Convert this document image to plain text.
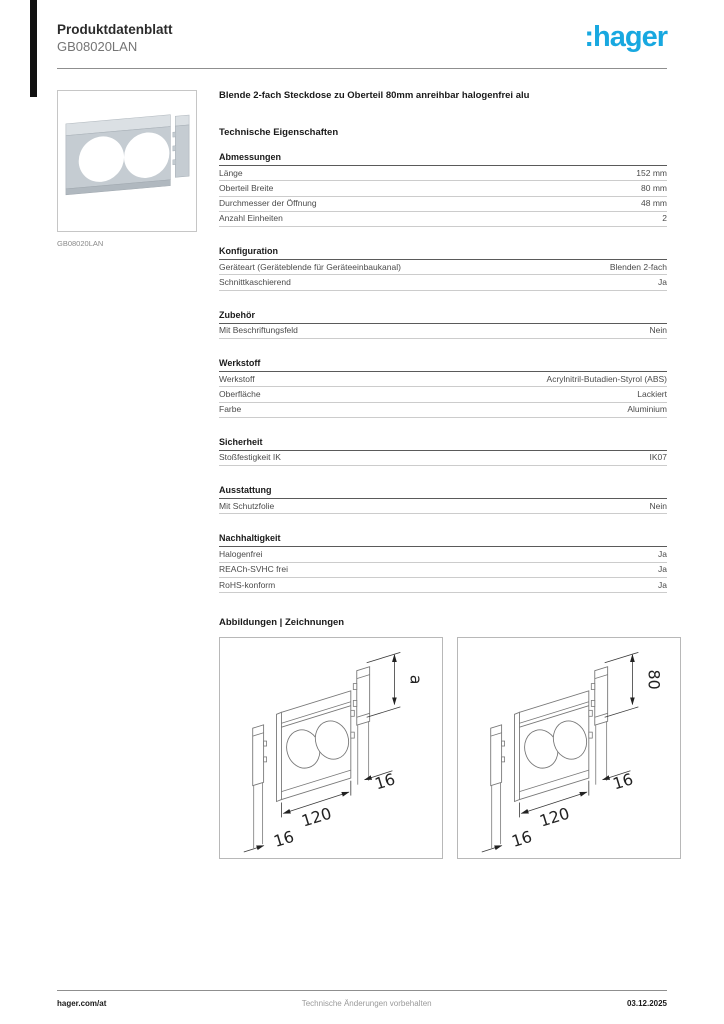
Produktdatenblatt
GB08020LAN	:hager
GB08020LAN

Blende 2-fach Steckdose zu Oberteil 80mm anreihbar halogenfrei alu

Technische Eigenschaften
Abmessungen
Länge	152 mm
Oberteil Breite	80 mm
Durchmesser der Öffnung	48 mm
Anzahl Einheiten	2
Konfiguration
Geräteart (Geräteblende für Geräteeinbaukanal)	Blenden 2-fach
Schnittkaschierend	Ja
Zubehör
Mit Beschriftungsfeld	Nein
Werkstoff
Werkstoff	Acrylnitril-Butadien-Styrol (ABS)
Oberfläche	Lackiert
Farbe	Aluminium
Sicherheit
Stoßfestigkeit IK	IK07
Ausstattung
Mit Schutzfolie	Nein
Nachhaltigkeit
Halogenfrei	Ja
REACh-SVHC frei	Ja
RoHS-konform	Ja
Abbildungen | Zeichnungen
120
16
16
a
120
16
16
80
hager.com/at	Technische Änderungen vorbehalten	03.12.2025
